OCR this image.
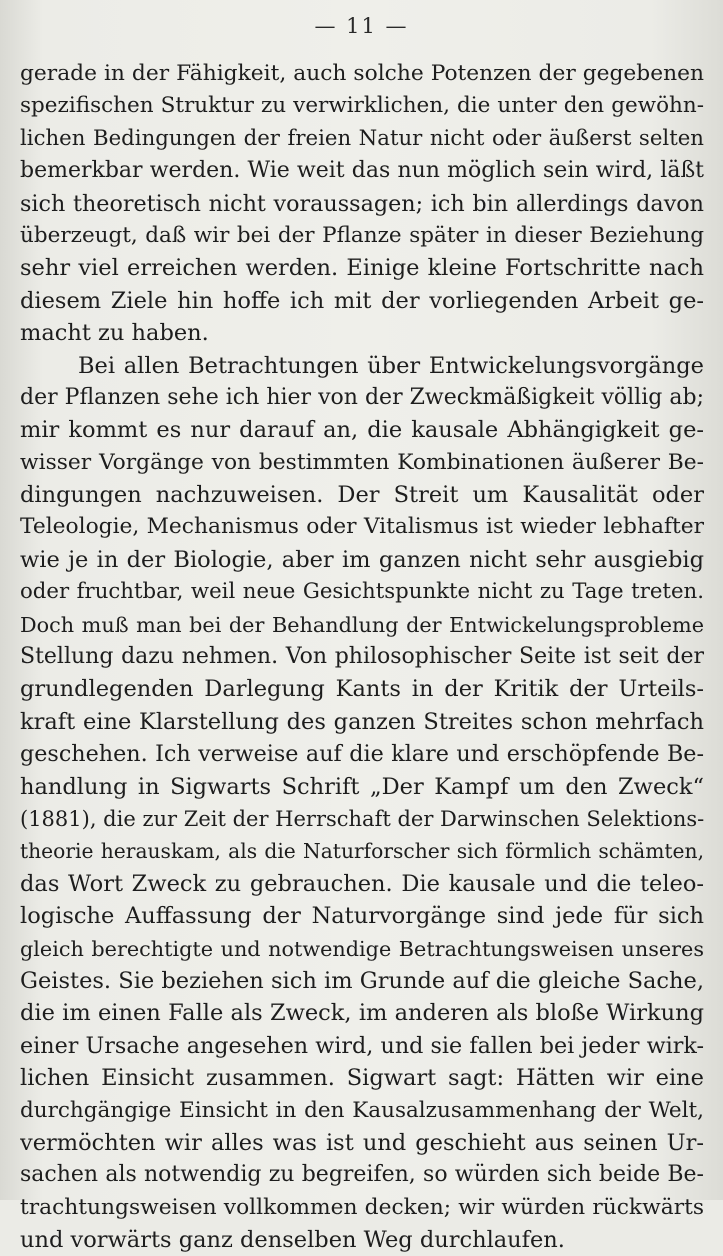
— 11 —
gerade in der Fähigkeit, auch solche Potenzen der gegebenen
spezifischen Struktur zu verwirklichen, die unter den gewöhn-
lichen Bedingungen der freien Natur nicht oder äußerst selten
bemerkbar werden. Wie weit das nun möglich sein wird, läßt
sich theoretisch nicht voraussagen; ich bin allerdings davon
überzeugt, daß wir bei der Pflanze später in dieser Beziehung
sehr viel erreichen werden. Einige kleine Fortschritte nach
diesem Ziele hin hoffe ich mit der vorliegenden Arbeit ge-
macht zu haben.
Bei allen Betrachtungen über Entwickelungsvorgänge
der Pflanzen sehe ich hier von der Zweckmäßigkeit völlig ab;
mir kommt es nur darauf an, die kausale Abhängigkeit ge-
wisser Vorgänge von bestimmten Kombinationen äußerer Be-
dingungen nachzuweisen. Der Streit um Kausalität oder
Teleologie, Mechanismus oder Vitalismus ist wieder lebhafter
wie je in der Biologie, aber im ganzen nicht sehr ausgiebig
oder fruchtbar, weil neue Gesichtspunkte nicht zu Tage treten.
Doch muß man bei der Behandlung der Entwickelungsprobleme
Stellung dazu nehmen. Von philosophischer Seite ist seit der
grundlegenden Darlegung Kants in der Kritik der Urteils-
kraft eine Klarstellung des ganzen Streites schon mehrfach
geschehen. Ich verweise auf die klare und erschöpfende Be-
handlung in Sigwarts Schrift „Der Kampf um den Zweck“
(1881), die zur Zeit der Herrschaft der Darwinschen Selektions-
theorie herauskam, als die Naturforscher sich förmlich schämten,
das Wort Zweck zu gebrauchen. Die kausale und die teleo-
logische Auffassung der Naturvorgänge sind jede für sich
gleich berechtigte und notwendige Betrachtungsweisen unseres
Geistes. Sie beziehen sich im Grunde auf die gleiche Sache,
die im einen Falle als Zweck, im anderen als bloße Wirkung
einer Ursache angesehen wird, und sie fallen bei jeder wirk-
lichen Einsicht zusammen. Sigwart sagt: Hätten wir eine
durchgängige Einsicht in den Kausalzusammenhang der Welt,
vermöchten wir alles was ist und geschieht aus seinen Ur-
sachen als notwendig zu begreifen, so würden sich beide Be-
trachtungsweisen vollkommen decken; wir würden rückwärts
und vorwärts ganz denselben Weg durchlaufen.
